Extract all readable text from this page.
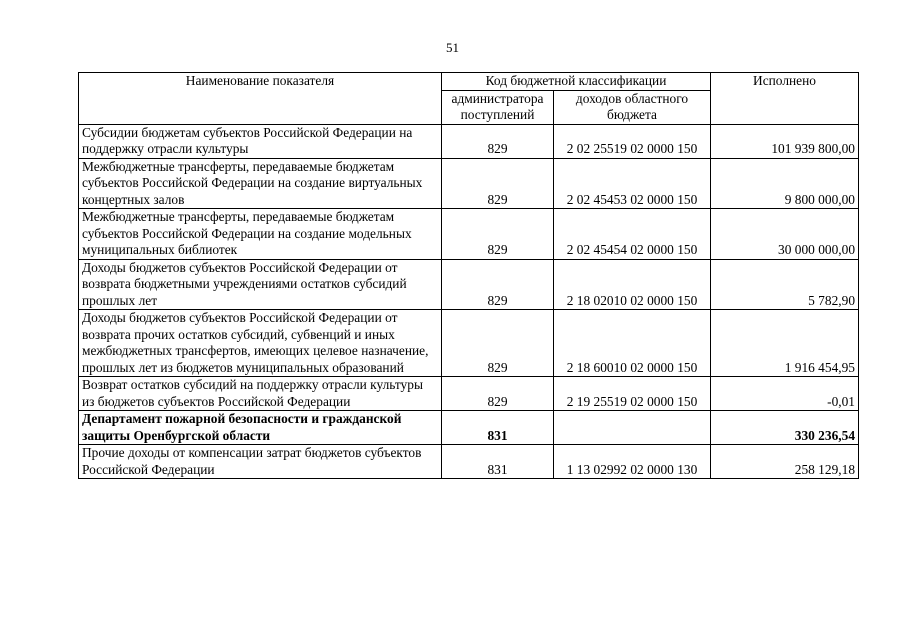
51
Наименование показателя	Код бюджетной классификации		Исполнено
	администратора поступлений	доходов областного бюджета	
Субсидии бюджетам субъектов Российской Федерации на поддержку отрасли культуры	829	2 02 25519 02 0000 150	101 939 800,00
Межбюджетные трансферты, передаваемые бюджетам субъектов Российской Федерации на создание виртуальных концертных залов	829	2 02 45453 02 0000 150	9 800 000,00
Межбюджетные трансферты, передаваемые бюджетам субъектов Российской Федерации на создание модельных муниципальных библиотек	829	2 02 45454 02 0000 150	30 000 000,00
Доходы бюджетов субъектов Российской Федерации от возврата бюджетными учреждениями остатков субсидий прошлых лет	829	2 18 02010 02 0000 150	5 782,90
Доходы бюджетов субъектов Российской Федерации от возврата прочих остатков субсидий, субвенций и иных межбюджетных трансфертов, имеющих целевое назначение, прошлых лет из бюджетов муниципальных образований	829	2 18 60010 02 0000 150	1 916 454,95
Возврат остатков субсидий на поддержку отрасли культуры из бюджетов субъектов Российской Федерации	829	2 19 25519 02 0000 150	-0,01
Департамент пожарной безопасности и гражданской защиты Оренбургской области	831		330 236,54
Прочие доходы от компенсации затрат бюджетов субъектов Российской Федерации	831	1 13 02992 02 0000 130	258 129,18
